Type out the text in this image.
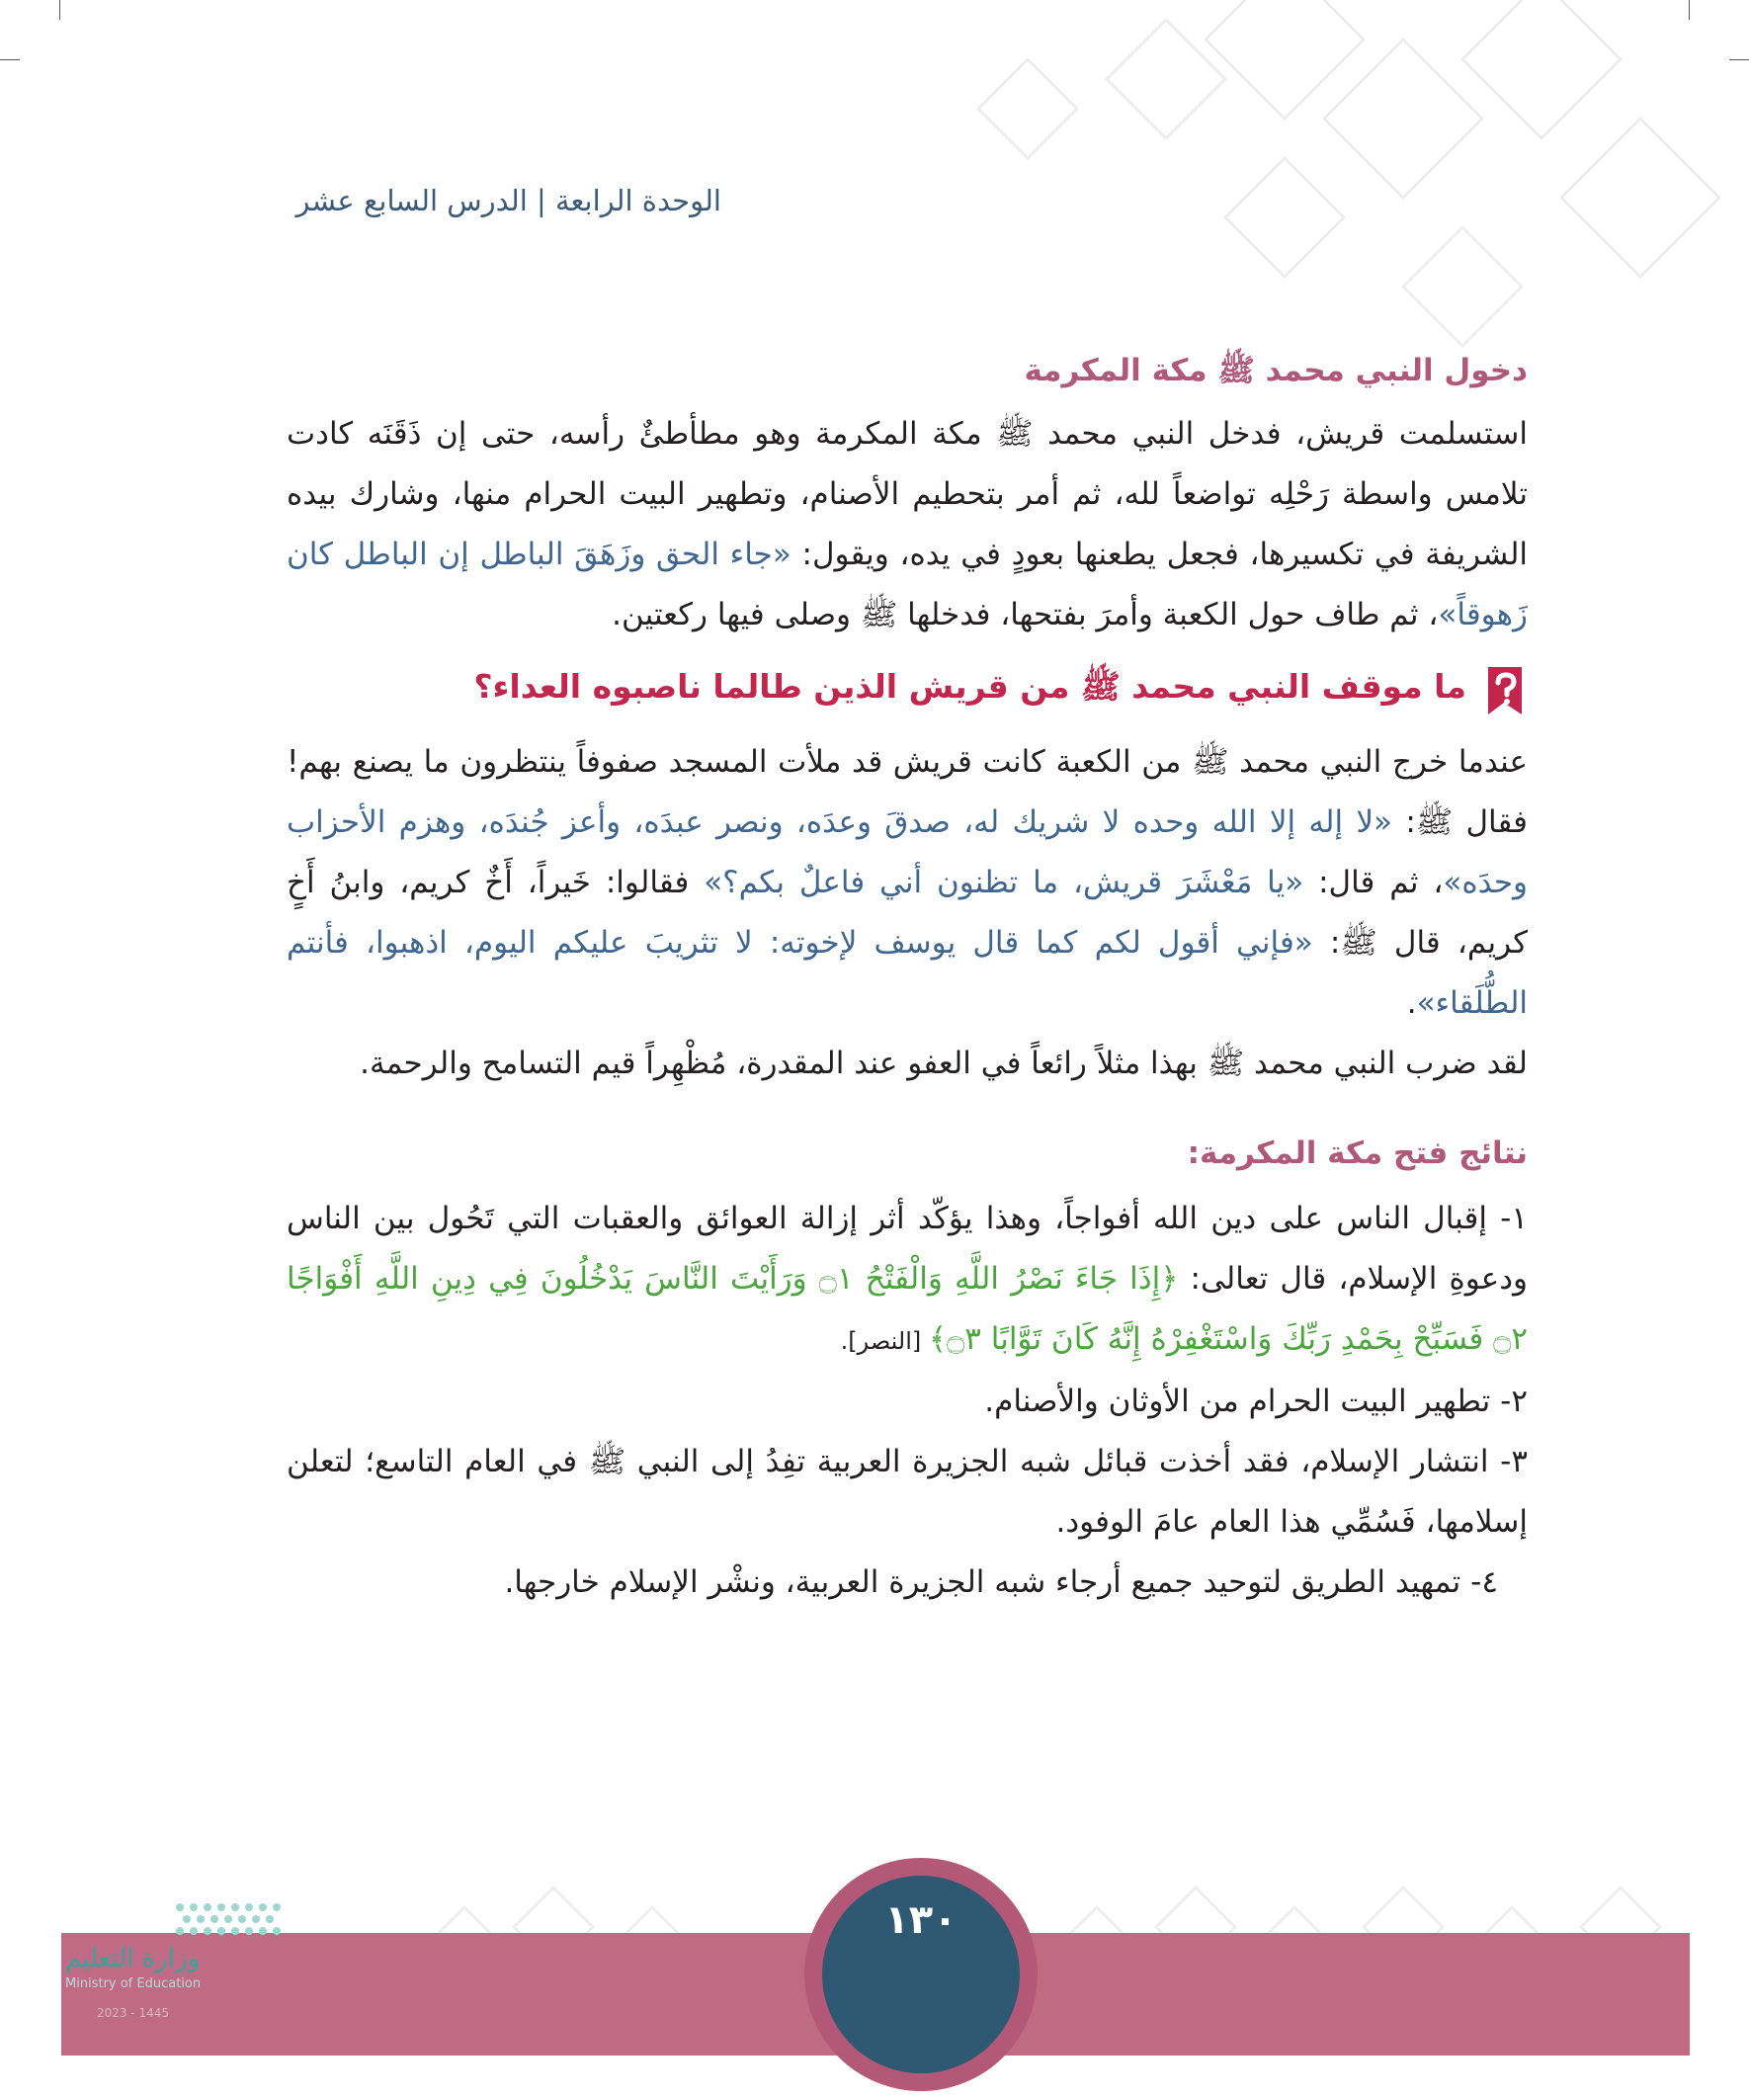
الوحدة الرابعة | الدرس السابع عشر
دخول النبي محمد ﷺ مكة المكرمة

استسلمت قريش، فدخل النبي محمد ﷺ مكة المكرمة وهو مطأطئٌ رأسه، حتى إن ذَقَنَه كادت تلامس واسطة رَحْلِه تواضعاً لله، ثم أمر بتحطيم الأصنام، وتطهير البيت الحرام منها، وشارك بيده الشريفة في تكسيرها، فجعل يطعنها بعودٍ في يده، ويقول: «جاء الحق وزَهَقَ الباطل إن الباطل كان زَهوقاً»، ثم طاف حول الكعبة وأمرَ بفتحها، فدخلها ﷺ وصلى فيها ركعتين.

ما موقف النبي محمد ﷺ من قريش الذين طالما ناصبوه العداء؟

عندما خرج النبي محمد ﷺ من الكعبة كانت قريش قد ملأت المسجد صفوفاً ينتظرون ما يصنع بهم! فقال ﷺ: «لا إله إلا الله وحده لا شريك له، صدقَ وعدَه، ونصر عبدَه، وأعز جُندَه، وهزم الأحزاب وحدَه»، ثم قال: «يا مَعْشَرَ قريش، ما تظنون أني فاعلٌ بكم؟» فقالوا: خَيراً، أَخٌ كريم، وابنُ أَخٍ كريم، قال ﷺ: «فإني أقول لكم كما قال يوسف لإخوته: لا تثريبَ عليكم اليوم، اذهبوا، فأنتم الطُّلَقاء».

لقد ضرب النبي محمد ﷺ بهذا مثلاً رائعاً في العفو عند المقدرة، مُظْهِراً قيم التسامح والرحمة.

نتائج فتح مكة المكرمة:
١- إقبال الناس على دين الله أفواجاً، وهذا يؤكّد أثر إزالة العوائق والعقبات التي تَحُول بين الناس ودعوةِ الإسلام، قال تعالى: ﴿إِذَا جَاءَ نَصْرُ اللَّهِ وَالْفَتْحُ ۝١ وَرَأَيْتَ النَّاسَ يَدْخُلُونَ فِي دِينِ اللَّهِ أَفْوَاجًا ۝٢ فَسَبِّحْ بِحَمْدِ رَبِّكَ وَاسْتَغْفِرْهُ إِنَّهُ كَانَ تَوَّابًا ۝٣﴾ [النصر].
٢- تطهير البيت الحرام من الأوثان والأصنام.
٣- انتشار الإسلام، فقد أخذت قبائل شبه الجزيرة العربية تفِدُ إلى النبي ﷺ في العام التاسع؛ لتعلن إسلامها، فَسُمِّي هذا العام عامَ الوفود.
٤- تمهيد الطريق لتوحيد جميع أرجاء شبه الجزيرة العربية، ونشْر الإسلام خارجها.
وزارة التعليم
Ministry of Education
2023 - 1445
١٣٠
